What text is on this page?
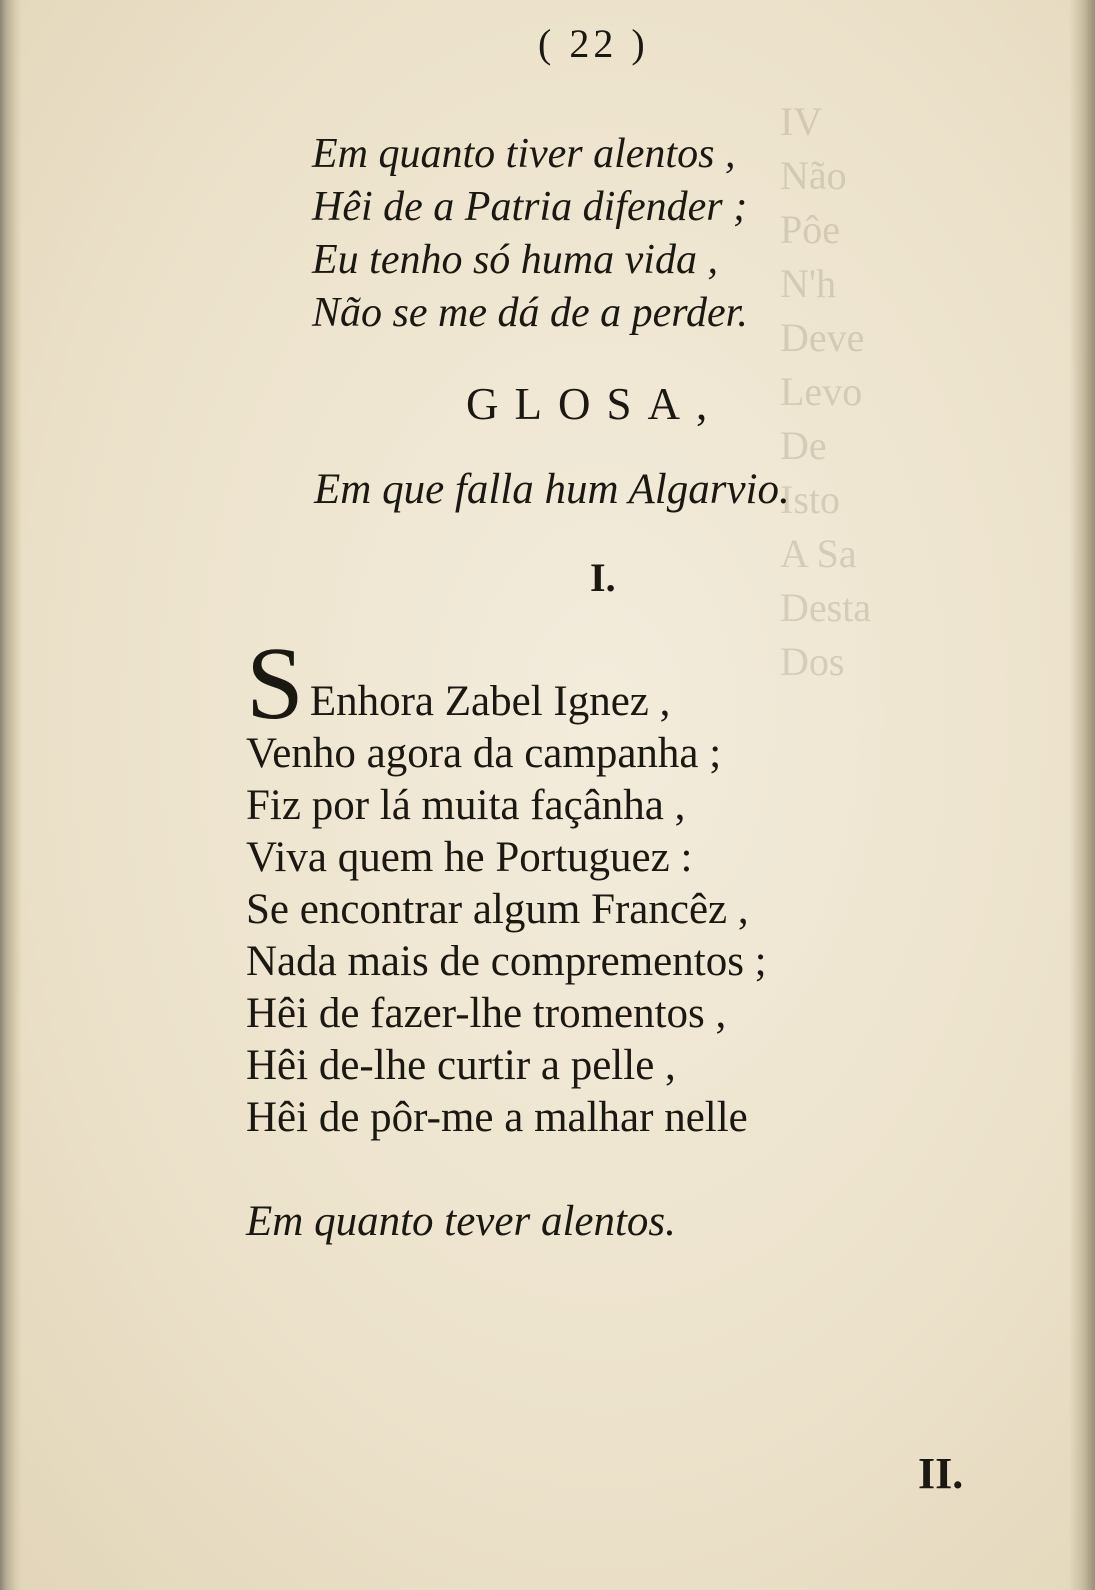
IV
Não
Pôe
N'h
Deve
Levo
De
Isto
A Sa
Desta
Dos
( 22 )
Em quanto tiver alentos ,
Hêi de a Patria difender ;
Eu tenho só huma vida ,
Não se me dá de a perder.
GLOSA,
Em que falla hum Algarvio.
I.
S Enhora Zabel Ignez ,
Venho agora da campanha ;
Fiz por lá muita façânha ,
Viva quem he Portuguez :
Se encontrar algum Francêz ,
Nada mais de comprementos ;
Hêi de fazer-lhe tromentos ,
Hêi de-lhe curtir a pelle ,
Hêi de pôr-me a malhar nelle
Em quanto tever alentos.
II.
